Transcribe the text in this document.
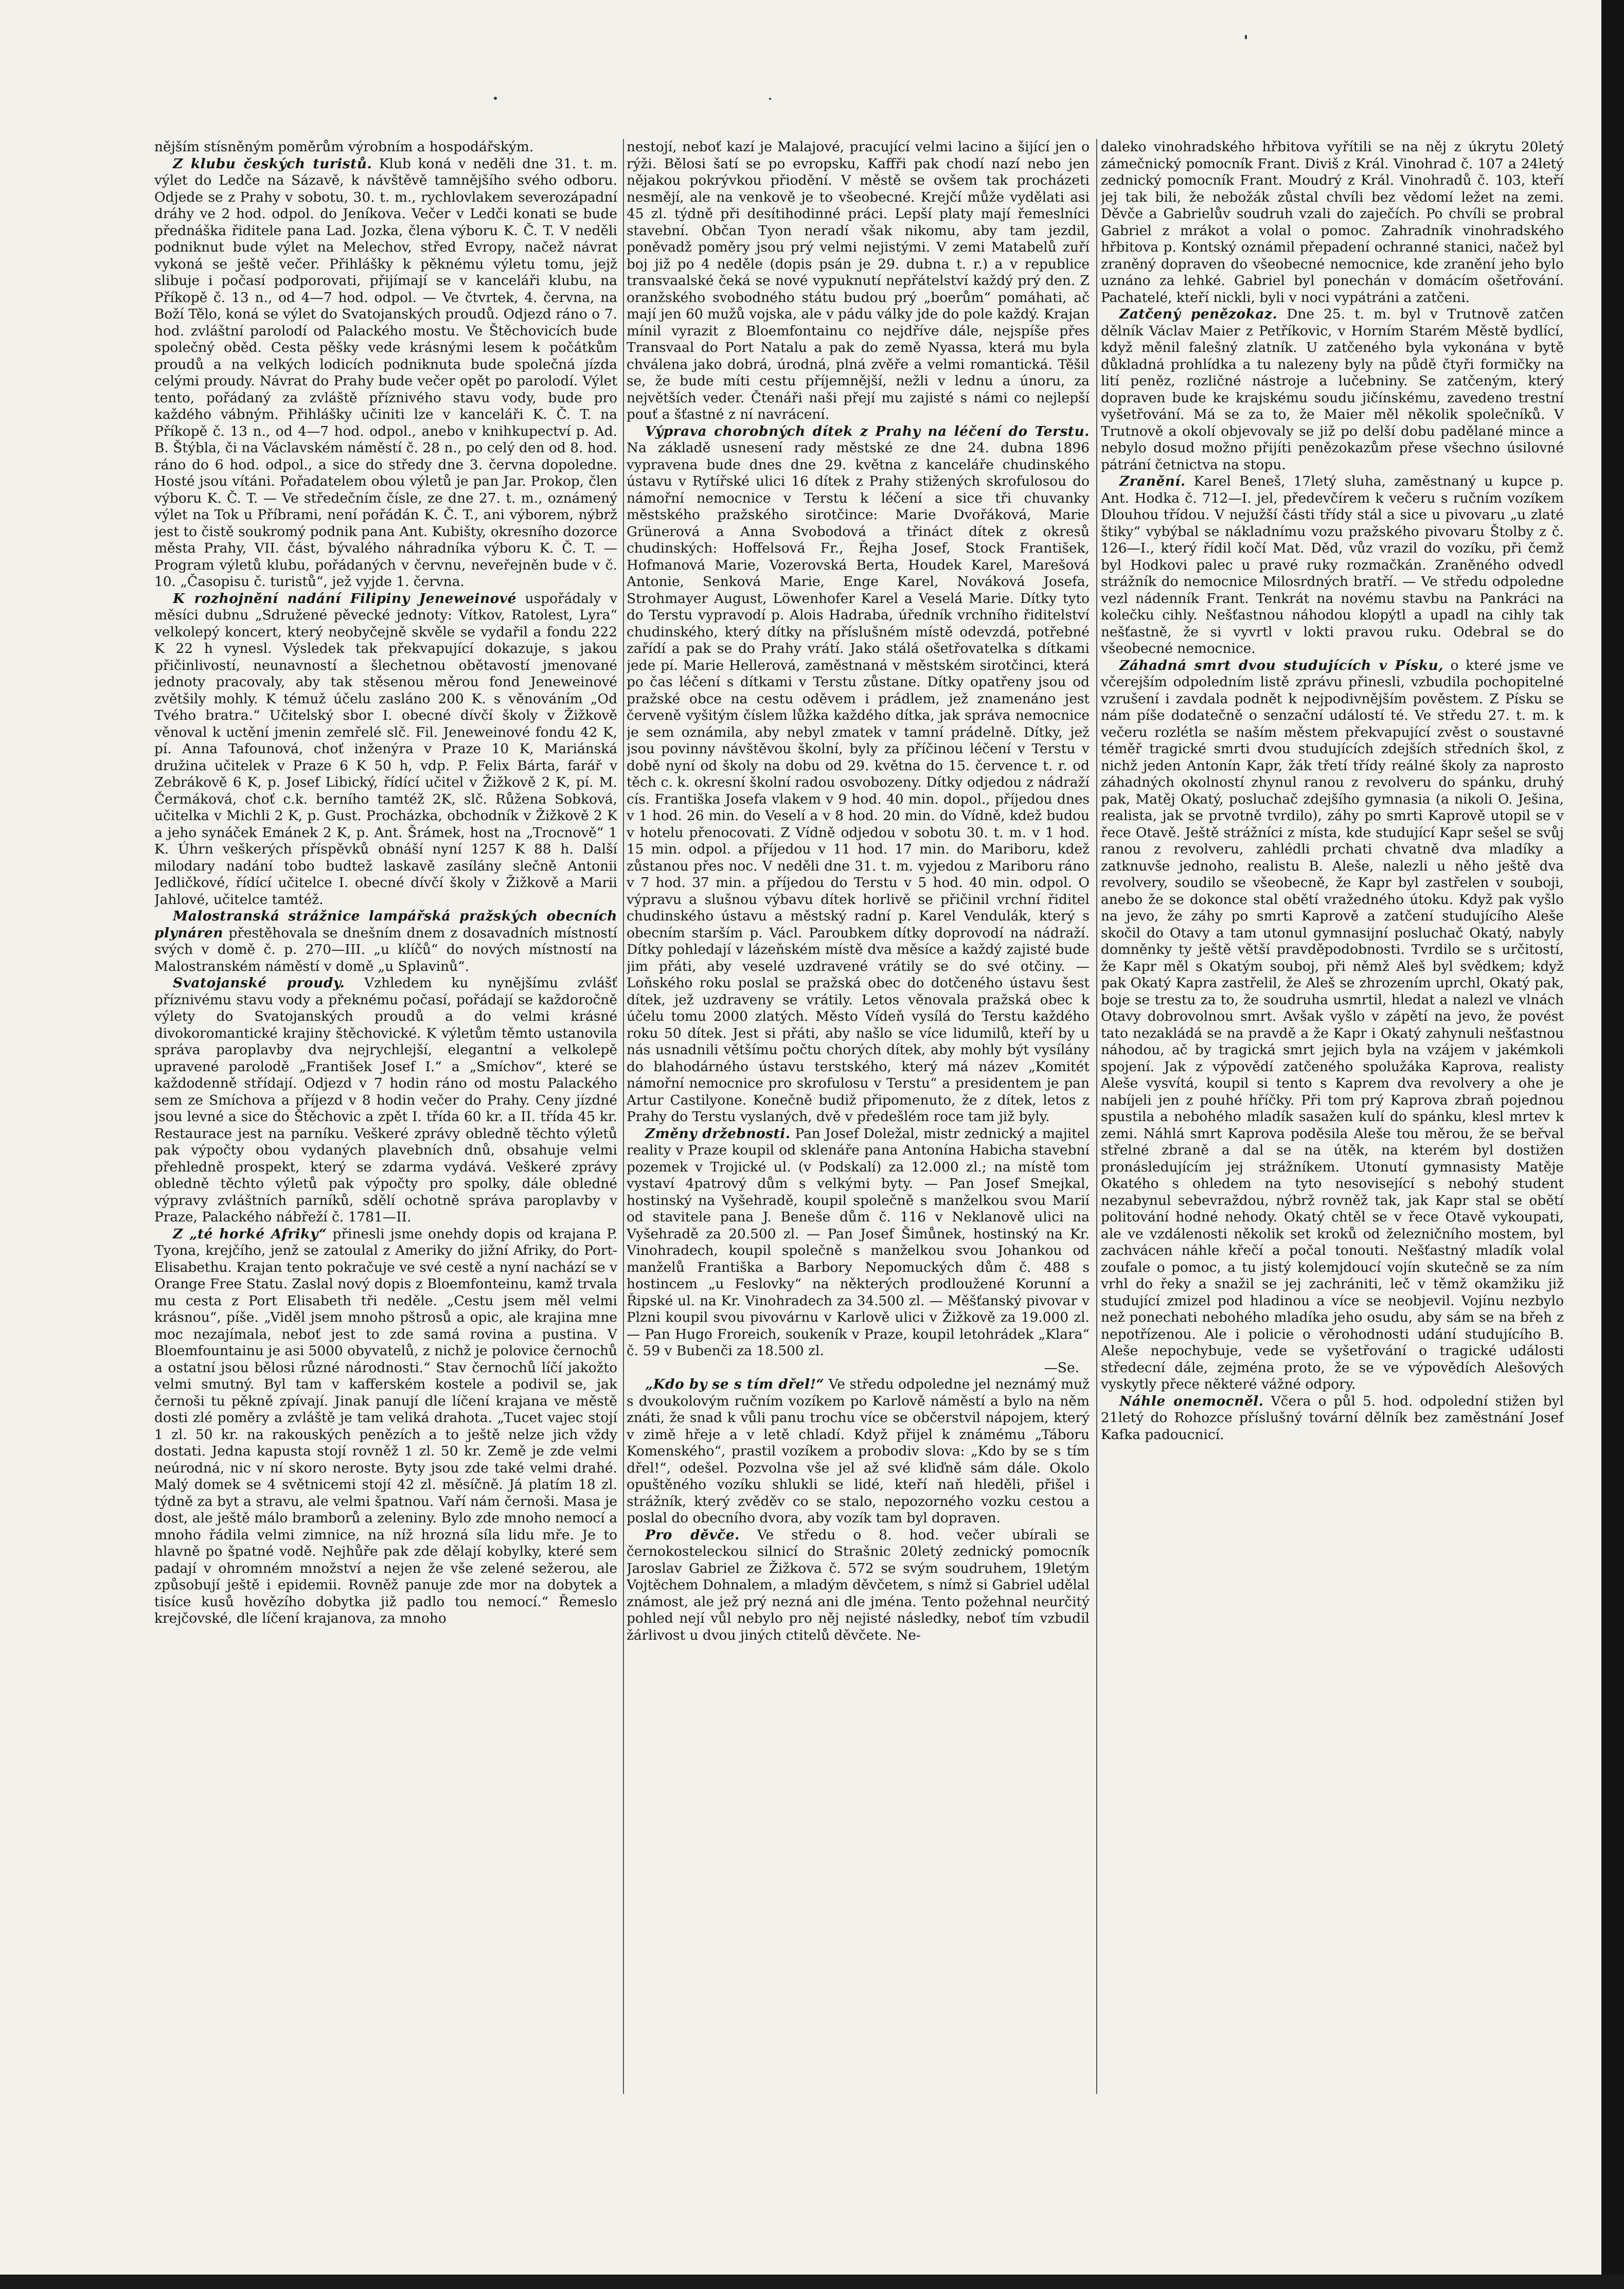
nějším stísněným poměrům výrobním a hospodářským.

Z klubu českých turistů. Klub koná v neděli dne 31. t. m. výlet do Ledče na Sázavě, k návštěvě tamnějšího svého odboru. Odjede se z Prahy v sobotu, 30. t. m., rychlovlakem severozápadní dráhy ve 2 hod. odpol. do Jeníkova. Večer v Ledči konati se bude přednáška řiditele pana Lad. Jozka, člena výboru K. Č. T. V neděli podniknut bude výlet na Melechov, střed Evropy, načež návrat vykoná se ještě večer. Přihlášky k pěknému výletu tomu, jejž slibuje i počasí podporovati, přijímají se v kanceláři klubu, na Příkopě č. 13 n., od 4—7 hod. odpol. — Ve čtvrtek, 4. června, na Boží Tělo, koná se výlet do Svatojanských proudů. Odjezd ráno o 7. hod. zvláštní parolodí od Palackého mostu. Ve Štěchovicích bude společný oběd. Cesta pěšky vede krásnými lesem k počátkům proudů a na velkých lodicích podniknuta bude společná jízda celými proudy. Návrat do Prahy bude večer opět po parolodí. Výlet tento, pořádaný za zvláště příznivého stavu vody, bude pro každého vábným. Přihlášky učiniti lze v kanceláři K. Č. T. na Příkopě č. 13 n., od 4—7 hod. odpol., anebo v knihkupectví p. Ad. B. Štýbla, či na Václavském náměstí č. 28 n., po celý den od 8. hod. ráno do 6 hod. odpol., a sice do středy dne 3. června dopoledne. Hosté jsou vítáni. Pořadatelem obou výletů je pan Jar. Prokop, člen výboru K. Č. T. — Ve středečním čísle, ze dne 27. t. m., oznámený výlet na Tok u Příbrami, není pořádán K. Č. T., ani výborem, nýbrž jest to čistě soukromý podnik pana Ant. Kubišty, okresního dozorce města Prahy, VII. část, bývalého náhradníka výboru K. Č. T. — Program výletů klubu, pořádaných v červnu, neveřejněn bude v č. 10. „Časopisu č. turistů“, jež vyjde 1. června.

K rozhojnění nadání Filipiny Jeneweinové uspořádaly v měsíci dubnu „Sdružené pěvecké jednoty: Vítkov, Ratolest, Lyra“ velkolepý koncert, který neobyčejně skvěle se vydařil a fondu 222 K 22 h vynesl. Výsledek tak překvapující dokazuje, s jakou přičinlivostí, neunavností a šlechetnou obětavostí jmenované jednoty pracovaly, aby tak stěsenou měrou fond Jeneweinové zvětšily mohly. K témuž účelu zasláno 200 K. s věnováním „Od Tvého bratra.“ Učitelský sbor I. obecné dívčí školy v Žižkově věnoval k uctění jmenin zemřelé slč. Fil. Jeneweinové fondu 42 K, pí. Anna Tafounová, choť inženýra v Praze 10 K, Mariánská družina učitelek v Praze 6 K 50 h, vdp. P. Felix Bárta, farář v Zebrákově 6 K, p. Josef Libický, řídící učitel v Žižkově 2 K, pí. M. Čermáková, choť c.k. berního tamtéž 2K, slč. Růžena Sobková, učitelka v Michli 2 K, p. Gust. Procházka, obchodník v Žižkově 2 K a jeho synáček Emánek 2 K, p. Ant. Šrámek, host na „Trocnově“ 1 K. Úhrn veškerých příspěvků obnáší nyní 1257 K 88 h. Další milodary nadání tobo budtež laskavě zasílány slečně Antonii Jedličkové, řídící učitelce I. obecné dívčí školy v Žižkově a Marii Jahlové, učitelce tamtéž.

Malostranská strážnice lampářská pražských obecních plynáren přestěhovala se dnešním dnem z dosavadních místností svých v domě č. p. 270—III. „u klíčů“ do nových místností na Malostranském náměstí v domě „u Splavinů“.

Svatojanské proudy. Vzhledem ku nynějšímu zvlášť příznivému stavu vody a překnému počasí, pořádají se každoročně výlety do Svatojanských proudů a do velmi krásné divokoromantické krajiny štěchovické. K výletům těmto ustanovila správa paroplavby dva nejrychlejší, elegantní a velkolepě upravené parolodě „František Josef I.“ a „Smíchov“, které se každodenně střídají. Odjezd v 7 hodin ráno od mostu Palackého sem ze Smíchova a příjezd v 8 hodin večer do Prahy. Ceny jízdné jsou levné a sice do Štěchovic a zpět I. třída 60 kr. a II. třída 45 kr. Restaurace jest na parníku. Veškeré zprávy obledně těchto výletů pak výpočty obou vydaných plavebních dnů, obsahuje velmi přehledně prospekt, který se zdarma vydává. Veškeré zprávy obledně těchto výletů pak výpočty pro spolky, dále obledné výpravy zvláštních parníků, sdělí ochotně správa paroplavby v Praze, Palackého nábřeží č. 1781—II.

Z „té horké Afriky“ přinesli jsme onehdy dopis od krajana P. Tyona, krejčího, jenž se zatoulal z Ameriky do jižní Afriky, do Port-Elisabethu. Krajan tento pokračuje ve své cestě a nyní nachází se v Orange Free Statu. Zaslal nový dopis z Bloemfonteinu, kamž trvala mu cesta z Port Elisabeth tři neděle. „Cestu jsem měl velmi krásnou“, píše. „Viděl jsem mnoho pštrosů a opic, ale krajina mne moc nezajímala, neboť jest to zde samá rovina a pustina. V Bloemfountainu je asi 5000 obyvatelů, z nichž je polovice černochů a ostatní jsou bělosi různé národnosti.“ Stav černochů líčí jakožto velmi smutný. Byl tam v kafferském kostele a podivil se, jak černoši tu pěkně zpívají. Jinak panují dle líčení krajana ve městě dosti zlé poměry a zvláště je tam veliká drahota. „Tucet vajec stojí 1 zl. 50 kr. na rakouských penězích a to ještě nelze jich vždy dostati. Jedna kapusta stojí rovněž 1 zl. 50 kr. Země je zde velmi neúrodná, nic v ní skoro neroste. Byty jsou zde také velmi drahé. Malý domek se 4 světnicemi stojí 42 zl. měsíčně. Já platím 18 zl. týdně za byt a stravu, ale velmi špatnou. Vaří nám černoši. Masa je dost, ale ještě málo bramborů a zeleniny. Bylo zde mnoho nemocí a mnoho řádila velmi zimnice, na níž hrozná síla lidu mře. Je to hlavně po špatné vodě. Nejhůře pak zde dělají kobylky, které sem padají v ohromném množství a nejen že vše zelené sežerou, ale způsobují ještě i epidemii. Rovněž panuje zde mor na dobytek a tisíce kusů hovězího dobytka již padlo tou nemocí.“ Řemeslo krejčovské, dle líčení krajanova, za mnoho

nestojí, neboť kazí je Malajové, pracující velmi lacino a šijící jen o rýži. Bělosi šatí se po evropsku, Kaffři pak chodí nazí nebo jen nějakou pokrývkou přiodění. V městě se ovšem tak procházeti nesmějí, ale na venkově je to všeobecné. Krejčí může vydělati asi 45 zl. týdně při desítihodinné práci. Lepší platy mají řemeslníci stavební. Občan Tyon neradí však nikomu, aby tam jezdil, poněvadž poměry jsou prý velmi nejistými. V zemi Matabelů zuří boj již po 4 neděle (dopis psán je 29. dubna t. r.) a v republice transvaalské čeká se nové vypuknutí nepřátelství každý prý den. Z oranžského svobodného státu budou prý „boerům“ pomáhati, ač mají jen 60 mužů vojska, ale v pádu války jde do pole každý. Krajan mínil vyrazit z Bloemfontainu co nejdříve dále, nejspíše přes Transvaal do Port Natalu a pak do země Nyassa, která mu byla chválena jako dobrá, úrodná, plná zvěře a velmi romantická. Těšil se, že bude míti cestu příjemnější, nežli v lednu a únoru, za největších veder. Čtenáři naši přejí mu zajisté s námi co nejlepší pouť a šťastné z ní navrácení.

Výprava chorobných dítek z Prahy na léčení do Terstu. Na základě usnesení rady městské ze dne 24. dubna 1896 vypravena bude dnes dne 29. května z kanceláře chudinského ústavu v Rytířské ulici 16 dítek z Prahy stižených skrofulosou do námořní nemocnice v Terstu k léčení a sice tři chuvanky městského pražského sirotčince: Marie Dvořáková, Marie Grünerová a Anna Svobodová a třináct dítek z okresů chudinských: Hoffelsová Fr., Řejha Josef, Stock František, Hofmanová Marie, Vozerovská Berta, Houdek Karel, Marešová Antonie, Senková Marie, Enge Karel, Nováková Josefa, Strohmayer August, Löwenhofer Karel a Veselá Marie. Dítky tyto do Terstu vypravodí p. Alois Hadraba, úředník vrchního řiditelství chudinského, který dítky na příslušném místě odevzdá, potřebné zařídí a pak se do Prahy vrátí. Jako stálá ošetřovatelka s dítkami jede pí. Marie Hellerová, zaměstnaná v městském sirotčinci, která po čas léčení s dítkami v Terstu zůstane. Dítky opatřeny jsou od pražské obce na cestu oděvem i prádlem, jež znamenáno jest červeně vyšitým číslem lůžka každého dítka, jak správa nemocnice je sem oznámila, aby nebyl zmatek v tamní prádelně. Dítky, jež jsou povinny návštěvou školní, byly za příčinou léčení v Terstu v době nyní od školy na dobu od 29. května do 15. července t. r. od těch c. k. okresní školní radou osvobozeny. Dítky odjedou z nádraží cís. Františka Josefa vlakem v 9 hod. 40 min. dopol., příjedou dnes v 1 hod. 26 min. do Veselí a v 8 hod. 20 min. do Vídně, kdež budou v hotelu přenocovati. Z Vídně odjedou v sobotu 30. t. m. v 1 hod. 15 min. odpol. a příjedou v 11 hod. 17 min. do Mariboru, kdež zůstanou přes noc. V neděli dne 31. t. m. vyjedou z Mariboru ráno v 7 hod. 37 min. a příjedou do Terstu v 5 hod. 40 min. odpol. O výpravu a slušnou výbavu dítek horlivě se přičinil vrchní řiditel chudinského ústavu a městský radní p. Karel Vendulák, který s obecním starším p. Václ. Paroubkem dítky doprovodí na nádraží. Dítky pohledají v lázeňském místě dva měsíce a každý zajisté bude jim přáti, aby veselé uzdravené vrátily se do své otčiny. — Loňského roku poslal se pražská obec do dotčeného ústavu šest dítek, jež uzdraveny se vrátily. Letos věnovala pražská obec k účelu tomu 2000 zlatých. Město Vídeň vysílá do Terstu každého roku 50 dítek. Jest si přáti, aby našlo se více lidumilů, kteří by u nás usnadnili většímu počtu chorých dítek, aby mohly být vysílány do blahodárného ústavu terstského, který má název „Komitét námořní nemocnice pro skrofulosu v Terstu“ a presidentem je pan Artur Castilyone. Konečně budiž připomenuto, že z dítek, letos z Prahy do Terstu vyslaných, dvě v předešlém roce tam již byly.

Změny držebnosti. Pan Josef Doležal, mistr zednický a majitel reality v Praze koupil od sklenáře pana Antonína Habicha stavební pozemek v Trojické ul. (v Podskalí) za 12.000 zl.; na místě tom vystaví 4patrový dům s velkými byty. — Pan Josef Smejkal, hostinský na Vyšehradě, koupil společně s manželkou svou Marií od stavitele pana J. Beneše dům č. 116 v Neklanově ulici na Vyšehradě za 20.500 zl. — Pan Josef Šimůnek, hostinský na Kr. Vinohradech, koupil společně s manželkou svou Johankou od manželů Františka a Barbory Nepomuckých dům č. 488 s hostincem „u Feslovky“ na některých prodloužené Korunní a Řipské ul. na Kr. Vinohradech za 34.500 zl. — Měšťanský pivovar v Plzni koupil svou pivovárnu v Karlově ulici v Žižkově za 19.000 zl. — Pan Hugo Froreich, soukeník v Praze, koupil letohrádek „Klara“ č. 59 v Bubenči za 18.500 zl.

—Se.

„Kdo by se s tím dřel!“ Ve středu odpoledne jel neznámý muž s dvoukolovým ručním vozíkem po Karlově náměstí a bylo na něm znáti, že snad k vůli panu trochu více se občerstvil nápojem, který v zimě hřeje a v letě chladí. Když přijel k známému „Táboru Komenského“, prastil vozíkem a probodiv slova: „Kdo by se s tím dřel!“, odešel. Pozvolna vše jel až své kliďně sám dále. Okolo opuštěného vozíku shlukli se lidé, kteří naň hleděli, přišel i strážník, který zvěděv co se stalo, nepozorného vozku cestou a poslal do obecního dvora, aby vozík tam byl dopraven.

Pro děvče. Ve středu o 8. hod. večer ubírali se černokosteleckou silnicí do Strašnic 20letý zednický pomocník Jaroslav Gabriel ze Žižkova č. 572 se svým soudruhem, 19letým Vojtěchem Dohnalem, a mladým děvčetem, s nímž si Gabriel udělal známost, ale jež prý nezná ani dle jména. Tento požehnal neurčitý pohled nejí vůl nebylo pro něj nejisté následky, neboť tím vzbudil žárlivost u dvou jiných ctitelů děvčete. Ne-

daleko vinohradského hřbitova vyřítili se na něj z úkrytu 20letý zámečnický pomocník Frant. Diviš z Král. Vinohrad č. 107 a 24letý zednický pomocník Frant. Moudrý z Král. Vinohradů č. 103, kteří jej tak bili, že nebožák zůstal chvíli bez vědomí ležet na zemi. Děvče a Gabrielův soudruh vzali do zaječích. Po chvíli se probral Gabriel z mrákot a volal o pomoc. Zahradník vinohradského hřbitova p. Kontský oznámil přepadení ochranné stanici, načež byl zraněný dopraven do všeobecné nemocnice, kde zranění jeho bylo uznáno za lehké. Gabriel byl ponechán v domácím ošetřování. Pachatelé, kteří nickli, byli v noci vypátráni a zatčeni.

Zatčený penězokaz. Dne 25. t. m. byl v Trutnově zatčen dělník Václav Maier z Petříkovic, v Horním Starém Městě bydlící, když měnil falešný zlatník. U zatčeného byla vykonána v bytě důkladná prohlídka a tu nalezeny byly na půdě čtyři formičky na lití peněz, rozličné nástroje a lučebniny. Se zatčeným, který dopraven bude ke krajskému soudu jičínskému, zavedeno trestní vyšetřování. Má se za to, že Maier měl několik společníků. V Trutnově a okolí objevovaly se již po delší dobu padělané mince a nebylo dosud možno přijíti penězokazům přese všechno úsilovné pátrání četnictva na stopu.

Zranění. Karel Beneš, 17letý sluha, zaměstnaný u kupce p. Ant. Hodka č. 712—I. jel, předevčírem k večeru s ručním vozíkem Dlouhou třídou. V nejužší části třídy stál a sice u pivovaru „u zlaté štiky“ vybýbal se nákladnímu vozu pražského pivovaru Štolby z č. 126—I., který řídil kočí Mat. Děd, vůz vrazil do vozíku, při čemž byl Hodkovi palec u pravé ruky rozmačkán. Zraněného odvedl strážník do nemocnice Milosrdných bratří. — Ve středu odpoledne vezl nádenník Frant. Tenkrát na novému stavbu na Pankráci na kolečku cihly. Nešťastnou náhodou klopýtl a upadl na cihly tak nešťastně, že si vyvrtl v lokti pravou ruku. Odebral se do všeobecné nemocnice.

Záhadná smrt dvou studujících v Písku, o které jsme ve včerejším odpoledním listě zprávu přinesli, vzbudila pochopitelné vzrušení i zavdala podnět k nejpodivnějším pověstem. Z Písku se nám píše dodatečně o senzační událostí té. Ve středu 27. t. m. k večeru rozlétla se naším městem překvapující zvěst o soustavné téměř tragické smrti dvou studujících zdejších středních škol, z nichž jeden Antonín Kapr, žák třetí třídy reálné školy za naprosto záhadných okolností zhynul ranou z revolveru do spánku, druhý pak, Matěj Okatý, posluchač zdejšího gymnasia (a nikoli O. Ješina, realista, jak se prvotně tvrdilo), záhy po smrti Kaprově utopil se v řece Otavě. Ještě strážníci z místa, kde studující Kapr sešel se svůj ranou z revolveru, zahlédli prchati chvatně dva mladíky a zatknuvše jednoho, realistu B. Aleše, nalezli u něho ještě dva revolvery, soudilo se všeobecně, že Kapr byl zastřelen v souboji, anebo že se dokonce stal obětí vražedného útoku. Když pak vyšlo na jevo, že záhy po smrti Kaprově a zatčení studujícího Aleše skočil do Otavy a tam utonul gymnasijní posluchač Okatý, nabyly domněnky ty ještě větší pravděpodobnosti. Tvrdilo se s určitostí, že Kapr měl s Okatým souboj, při němž Aleš byl svědkem; když pak Okatý Kapra zastřelil, že Aleš se zhrozením uprchl, Okatý pak, boje se trestu za to, že soudruha usmrtil, hledat a nalezl ve vlnách Otavy dobrovolnou smrt. Avšak vyšlo v zápětí na jevo, že povést tato nezakládá se na pravdě a že Kapr i Okatý zahynuli nešťastnou náhodou, ač by tragická smrt jejich byla na vzájem v jakémkoli spojení. Jak z výpovědí zatčeného spolužáka Kaprova, realisty Aleše vysvítá, koupil si tento s Kaprem dva revolvery a ohe je nabíjeli jen z pouhé hříčky. Při tom prý Kaprova zbraň pojednou spustila a nebohého mladík sasažen kulí do spánku, klesl mrtev k zemi. Náhlá smrt Kaprova poděsila Aleše tou měrou, že se beřval střelné zbraně a dal se na útěk, na kterém byl dostižen pronásledujícím jej strážníkem. Utonutí gymnasisty Matěje Okatého s ohledem na tyto nesovisející s nebohý student nezabynul sebevraždou, nýbrž rovněž tak, jak Kapr stal se obětí politování hodné nehody. Okatý chtěl se v řece Otavě vykoupati, ale ve vzdálenosti několik set kroků od železničního mostem, byl zachvácen náhle křečí a počal tonouti. Nešťastný mladík volal zoufale o pomoc, a tu jistý kolemjdoucí vojín skutečně se za ním vrhl do řeky a snažil se jej zachrániti, leč v těmž okamžiku již studující zmizel pod hladinou a více se neobjevil. Vojínu nezbylo než ponechati nebohého mladíka jeho osudu, aby sám se na břeh z nepotřízenou. Ale i policie o věrohodnosti udání studujícího B. Aleše nepochybuje, vede se vyšetřování o tragické události středecní dále, zejména proto, že se ve výpovědích Alešových vyskytly přece některé vážné odpory.

Náhle onemocněl. Včera o půl 5. hod. odpolední stižen byl 21letý do Rohozce příslušný tovární dělník bez zaměstnání Josef Kafka padoucnicí.
